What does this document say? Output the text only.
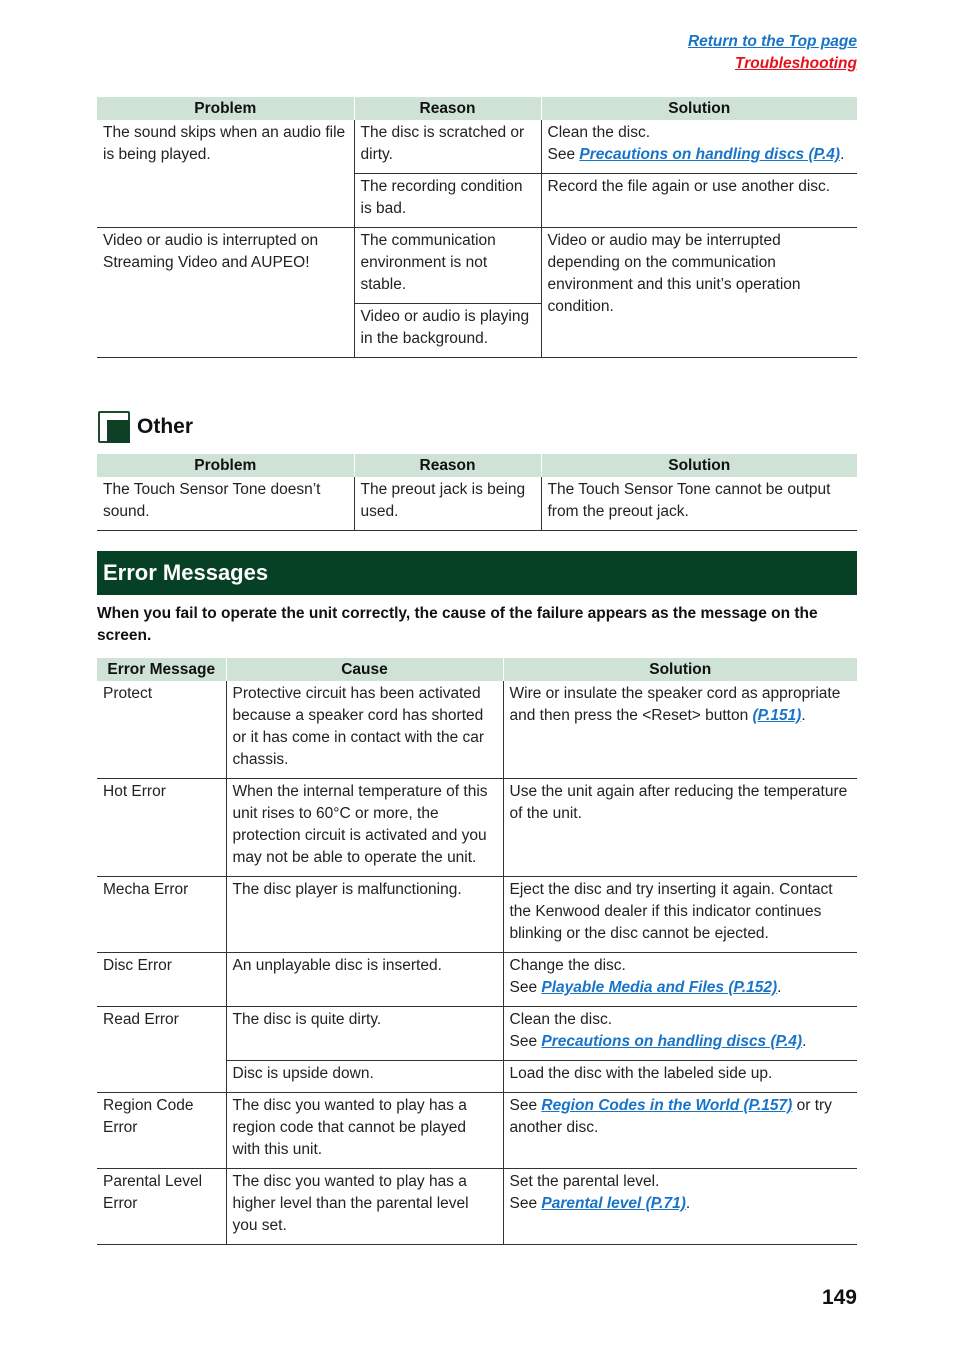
Return to the Top page
Troubleshooting
Problem	Reason	Solution
The sound skips when an audio file is being played.	The disc is scratched or dirty.	Clean the disc.
See Precautions on handling discs (P.4).
	The recording condition is bad.	Record the file again or use another disc.
Video or audio is interrupted on Streaming Video and AUPEO!	The communication environment is not stable.	Video or audio may be interrupted depending on the communication environment and this unit’s operation condition.
	Video or audio is playing in the background.	
Other
Problem	Reason	Solution
The Touch Sensor Tone doesn’t sound.	The preout jack is being used.	The Touch Sensor Tone cannot be output from the preout jack.
Error Messages
When you fail to operate the unit correctly, the cause of the failure appears as the message on the screen.
Error Message	Cause	Solution
Protect	Protective circuit has been activated because a speaker cord has shorted or it has come in contact with the car chassis.	Wire or insulate the speaker cord as appropriate and then press the <Reset> button (P.151).
Hot Error	When the internal temperature of this unit rises to 60°C or more, the protection circuit is activated and you may not be able to operate the unit.	Use the unit again after reducing the temperature of the unit.
Mecha Error	The disc player is malfunctioning.	Eject the disc and try inserting it again. Contact the Kenwood dealer if this indicator continues blinking or the disc cannot be ejected.
Disc Error	An unplayable disc is inserted.	Change the disc.
See Playable Media and Files (P.152).
Read Error	The disc is quite dirty.	Clean the disc.
See Precautions on handling discs (P.4).
	Disc is upside down.	Load the disc with the labeled side up.
Region Code Error	The disc you wanted to play has a region code that cannot be played with this unit.	See Region Codes in the World (P.157) or try another disc.
Parental Level Error	The disc you wanted to play has a higher level than the parental level you set.	Set the parental level.
See Parental level (P.71).
149
